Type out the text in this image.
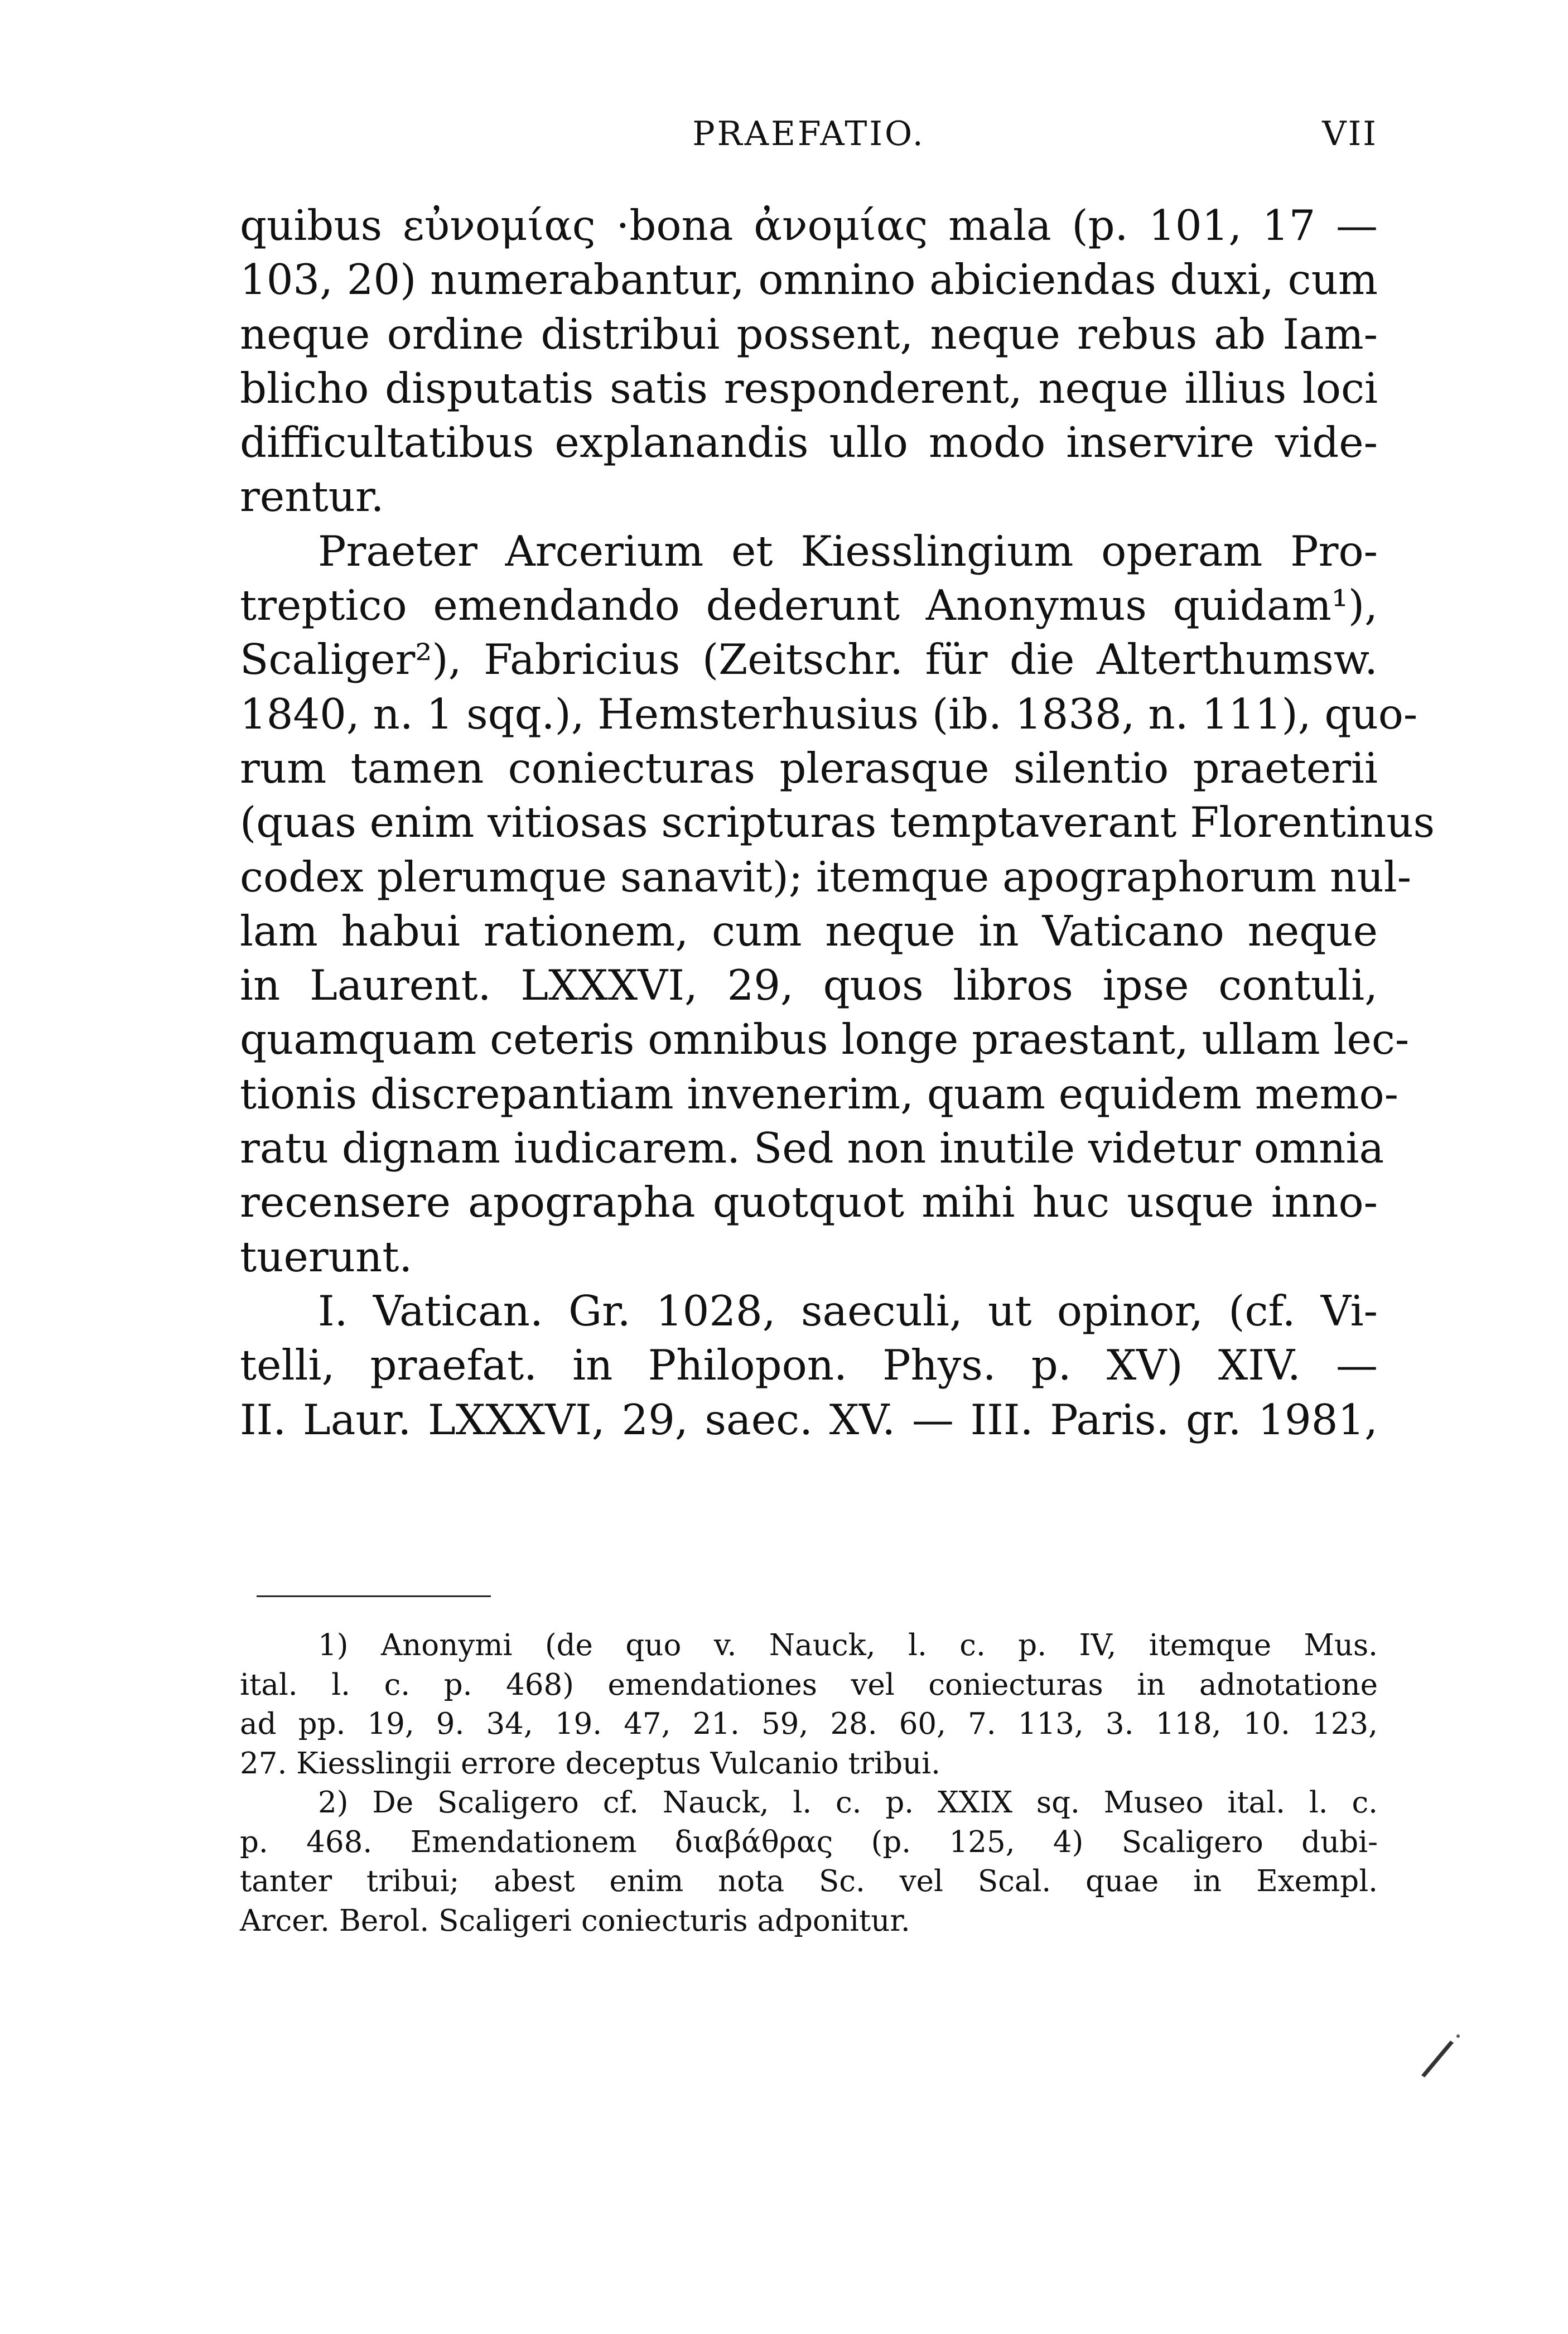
PRAEFATIO.	VII
quibus εὐνομίας ·bona ἀνομίας mala (p. 101, 17 —
103, 20) numerabantur, omnino abiciendas duxi, cum
neque ordine distribui possent, neque rebus ab Iam-
blicho disputatis satis responderent, neque illius loci
difficultatibus explanandis ullo modo inservire vide-
rentur.
Praeter Arcerium et Kiesslingium operam Pro-
treptico emendando dederunt Anonymus quidam¹),
Scaliger²), Fabricius (Zeitschr. für die Alterthumsw.
1840, n. 1 sqq.), Hemsterhusius (ib. 1838, n. 111), quo-
rum tamen coniecturas plerasque silentio praeterii
(quas enim vitiosas scripturas temptaverant Florentinus
codex plerumque sanavit); itemque apographorum nul-
lam habui rationem, cum neque in Vaticano neque
in Laurent. LXXXVI, 29, quos libros ipse contuli,
quamquam ceteris omnibus longe praestant, ullam lec-
tionis discrepantiam invenerim, quam equidem memo-
ratu dignam iudicarem. Sed non inutile videtur omnia
recensere apographa quotquot mihi huc usque inno-
tuerunt.
I. Vatican. Gr. 1028, saeculi, ut opinor, (cf. Vi-
telli, praefat. in Philopon. Phys. p. XV) XIV. —
II. Laur. LXXXVI, 29, saec. XV. — III. Paris. gr. 1981,
1) Anonymi (de quo v. Nauck, l. c. p. IV, itemque Mus.
ital. l. c. p. 468) emendationes vel coniecturas in adnotatione
ad pp. 19, 9. 34, 19. 47, 21. 59, 28. 60, 7. 113, 3. 118, 10. 123,
27. Kiesslingii errore deceptus Vulcanio tribui.
2) De Scaligero cf. Nauck, l. c. p. XXIX sq. Museo ital. l. c.
p. 468. Emendationem διαβάθρας (p. 125, 4) Scaligero dubi-
tanter tribui; abest enim nota Sc. vel Scal. quae in Exempl.
Arcer. Berol. Scaligeri coniecturis adponitur.
